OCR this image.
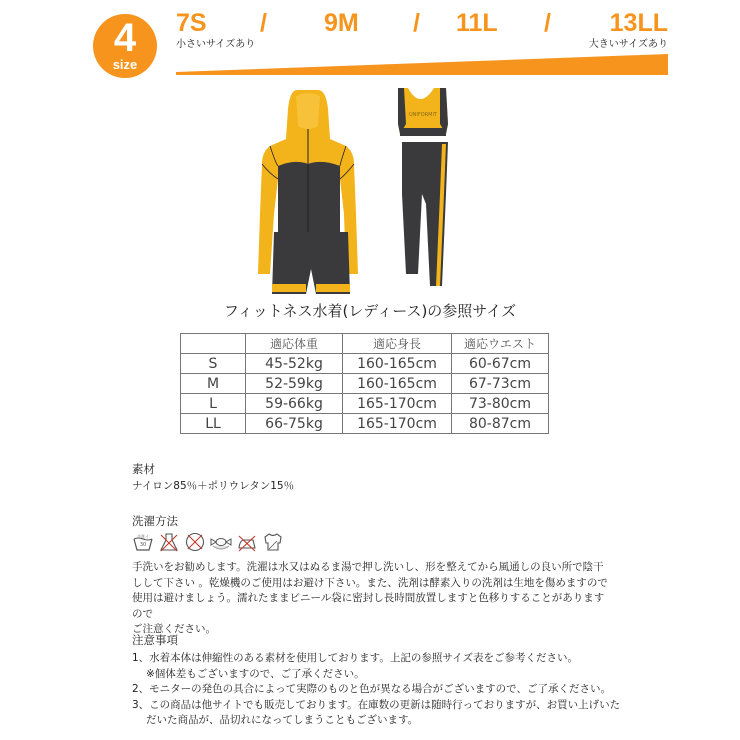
4
size
7S / 9M / 11L / 13LL
小さいサイズあり	大きいサイズあり
UNIFORMIT
フィットネス水着(レディース)の参照サイズ
	適応体重	適応身長	適応ウエスト
S	45-52kg	160-165cm	60-67cm
M	52-59kg	160-165cm	67-73cm
L	59-66kg	165-170cm	73-80cm
LL	66-75kg	165-170cm	80-87cm
素材
ナイロン85％＋ポリウレタン15％
洗濯方法
手洗イ
30
手洗いをお勧めします。洗濯は水又はぬるま湯で押し洗いし、形を整えてから風通しの良い所で陰干
しして下さい 。乾燥機のご使用はお避け下さい。また、洗剤は酵素入りの洗剤は生地を傷めますので
使用は避けましょう。濡れたままビニール袋に密封し長時間放置しますと色移りすることがありますので
ご注意ください。
注意事項
1、水着本体は伸縮性のある素材を使用しております。上記の参照サイズ表をご参考ください。
※個体差もございますので、ご了承ください。
2、モニターの発色の具合によって実際のものと色が異なる場合がございますので、ご了承ください。
3、この商品は他サイトでも販売しております。在庫数の更新は随時行っておりますが、お買い上げいた
だいた商品が、品切れになってしまうこともございます。
